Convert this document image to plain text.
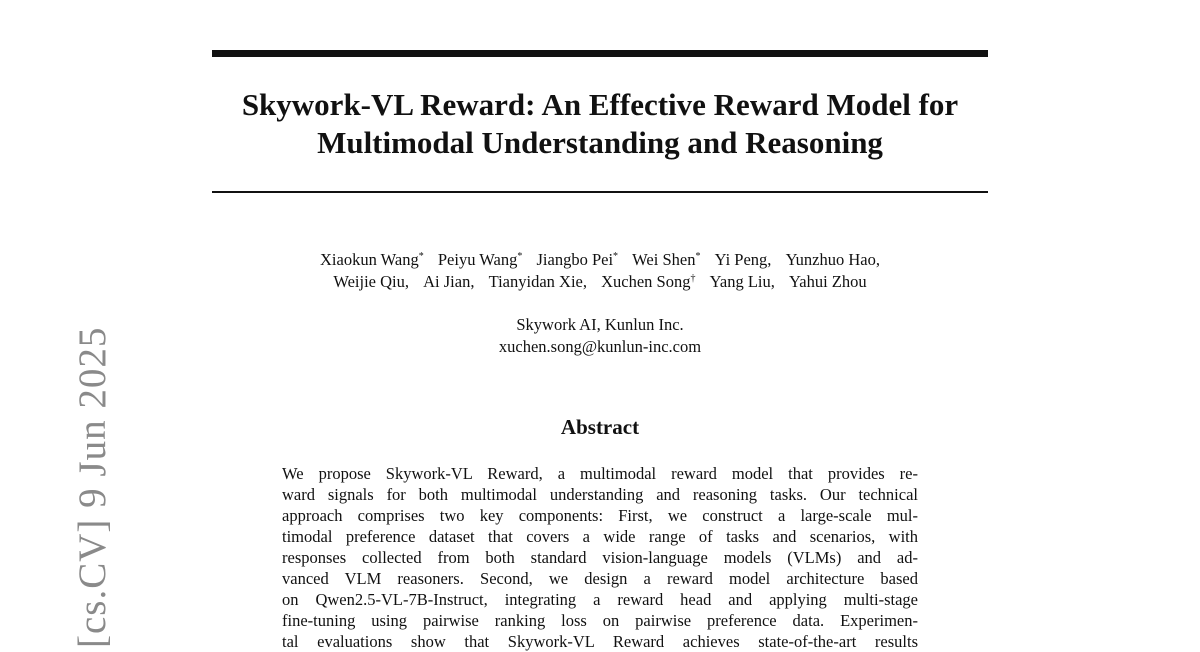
Skywork-VL Reward: An Effective Reward Model for
Multimodal Understanding and Reasoning
Xiaokun Wang* Peiyu Wang* Jiangbo Pei* Wei Shen* Yi Peng, Yunzhuo Hao,
Weijie Qiu, Ai Jian, Tianyidan Xie, Xuchen Song† Yang Liu, Yahui Zhou
Skywork AI, Kunlun Inc.
xuchen.song@kunlun-inc.com
Abstract
We propose Skywork-VL Reward, a multimodal reward model that provides re-
ward signals for both multimodal understanding and reasoning tasks. Our technical
approach comprises two key components: First, we construct a large-scale mul-
timodal preference dataset that covers a wide range of tasks and scenarios, with
responses collected from both standard vision-language models (VLMs) and ad-
vanced VLM reasoners. Second, we design a reward model architecture based
on Qwen2.5-VL-7B-Instruct, integrating a reward head and applying multi-stage
fine-tuning using pairwise ranking loss on pairwise preference data. Experimen-
tal evaluations show that Skywork-VL Reward achieves state-of-the-art results
[cs.CV] 9 Jun 2025
